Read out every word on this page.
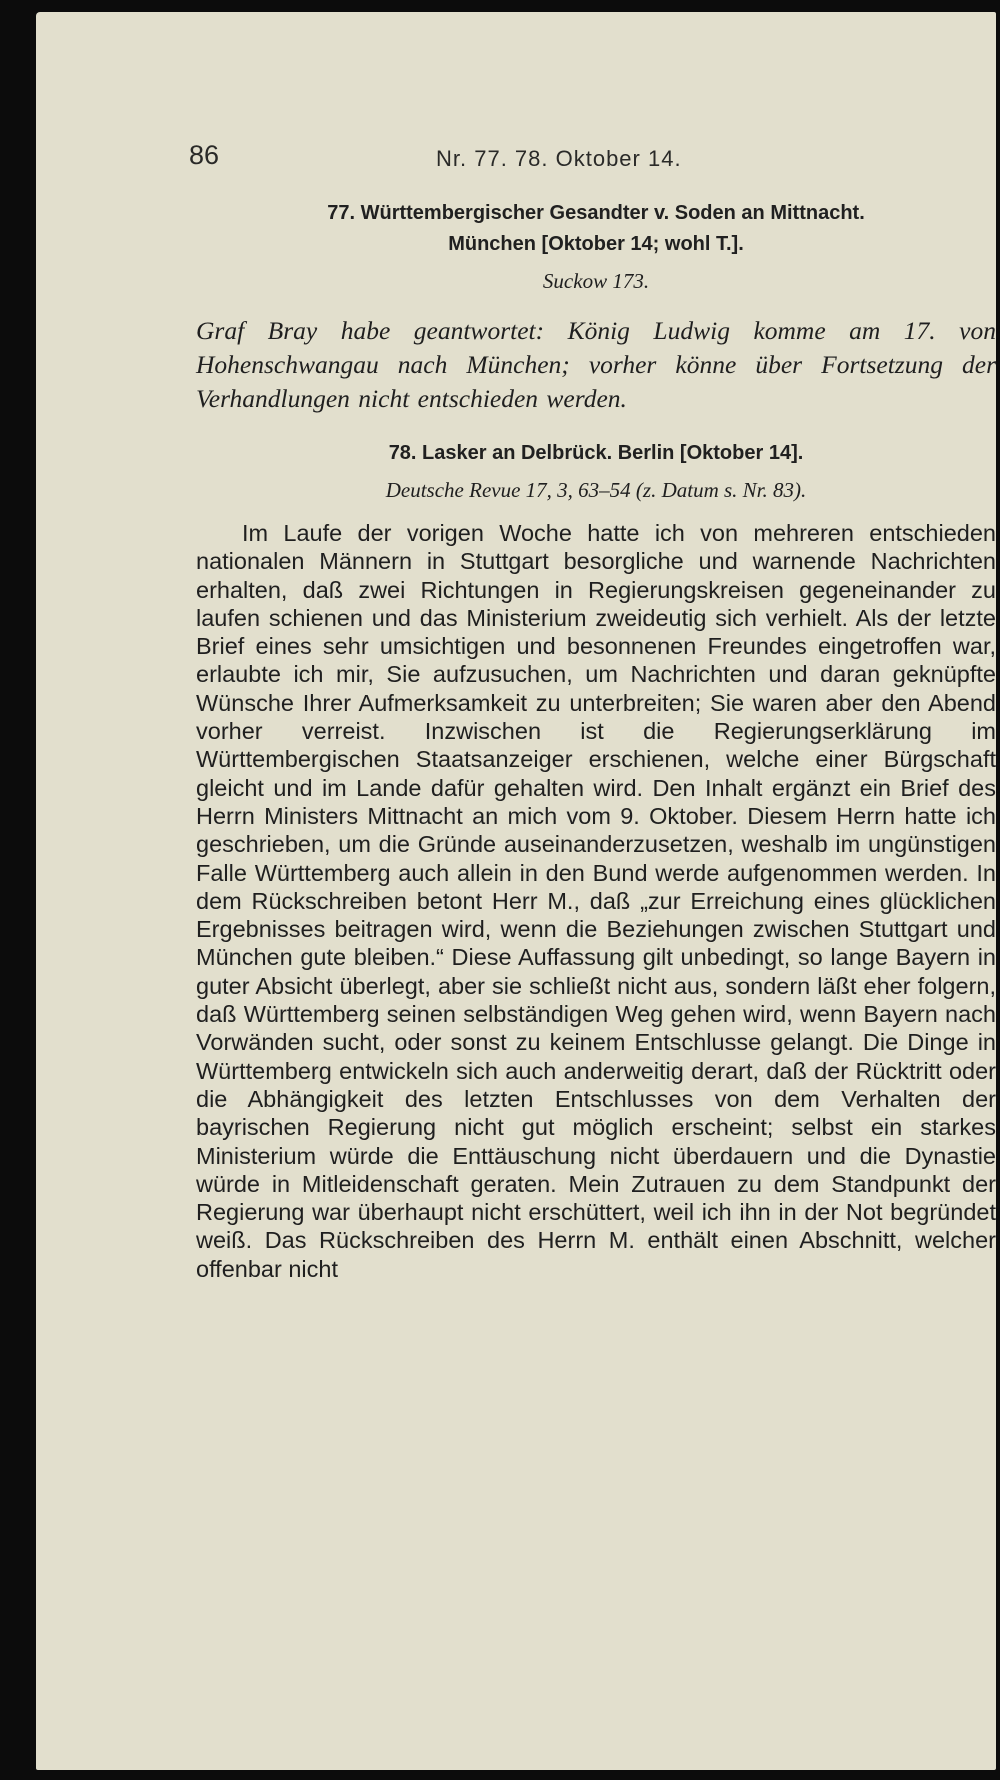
86	Nr. 77. 78. Oktober 14.

77. Württembergischer Gesandter v. Soden an Mittnacht.

München [Oktober 14; wohl T.].

Suckow 173.

Graf Bray habe geantwortet: König Ludwig komme am 17. von Hohenschwangau nach München; vorher könne über Fortsetzung der Verhandlungen nicht entschieden werden.

78. Lasker an Delbrück. Berlin [Oktober 14].

Deutsche Revue 17, 3, 63–54 (z. Datum s. Nr. 83).

Im Laufe der vorigen Woche hatte ich von mehreren entschieden nationalen Männern in Stuttgart besorgliche und warnende Nachrichten erhalten, daß zwei Richtungen in Regierungskreisen gegeneinander zu laufen schienen und das Ministerium zweideutig sich verhielt. Als der letzte Brief eines sehr umsichtigen und besonnenen Freundes eingetroffen war, erlaubte ich mir, Sie aufzusuchen, um Nachrichten und daran geknüpfte Wünsche Ihrer Aufmerksamkeit zu unterbreiten; Sie waren aber den Abend vorher verreist. Inzwischen ist die Regierungserklärung im Württembergischen Staatsanzeiger erschienen, welche einer Bürgschaft gleicht und im Lande dafür gehalten wird. Den Inhalt ergänzt ein Brief des Herrn Ministers Mittnacht an mich vom 9. Oktober. Diesem Herrn hatte ich geschrieben, um die Gründe auseinanderzusetzen, weshalb im ungünstigen Falle Württemberg auch allein in den Bund werde aufgenommen werden. In dem Rückschreiben betont Herr M., daß „zur Erreichung eines glücklichen Ergebnisses beitragen wird, wenn die Beziehungen zwischen Stuttgart und München gute bleiben.“ Diese Auffassung gilt unbedingt, so lange Bayern in guter Absicht überlegt, aber sie schließt nicht aus, sondern läßt eher folgern, daß Württemberg seinen selbständigen Weg gehen wird, wenn Bayern nach Vorwänden sucht, oder sonst zu keinem Entschlusse gelangt. Die Dinge in Württemberg entwickeln sich auch anderweitig derart, daß der Rücktritt oder die Abhängigkeit des letzten Entschlusses von dem Verhalten der bayrischen Regierung nicht gut möglich erscheint; selbst ein starkes Ministerium würde die Enttäuschung nicht überdauern und die Dynastie würde in Mitleidenschaft geraten. Mein Zutrauen zu dem Standpunkt der Regierung war überhaupt nicht erschüttert, weil ich ihn in der Not begründet weiß. Das Rückschreiben des Herrn M. enthält einen Abschnitt, welcher offenbar nicht
